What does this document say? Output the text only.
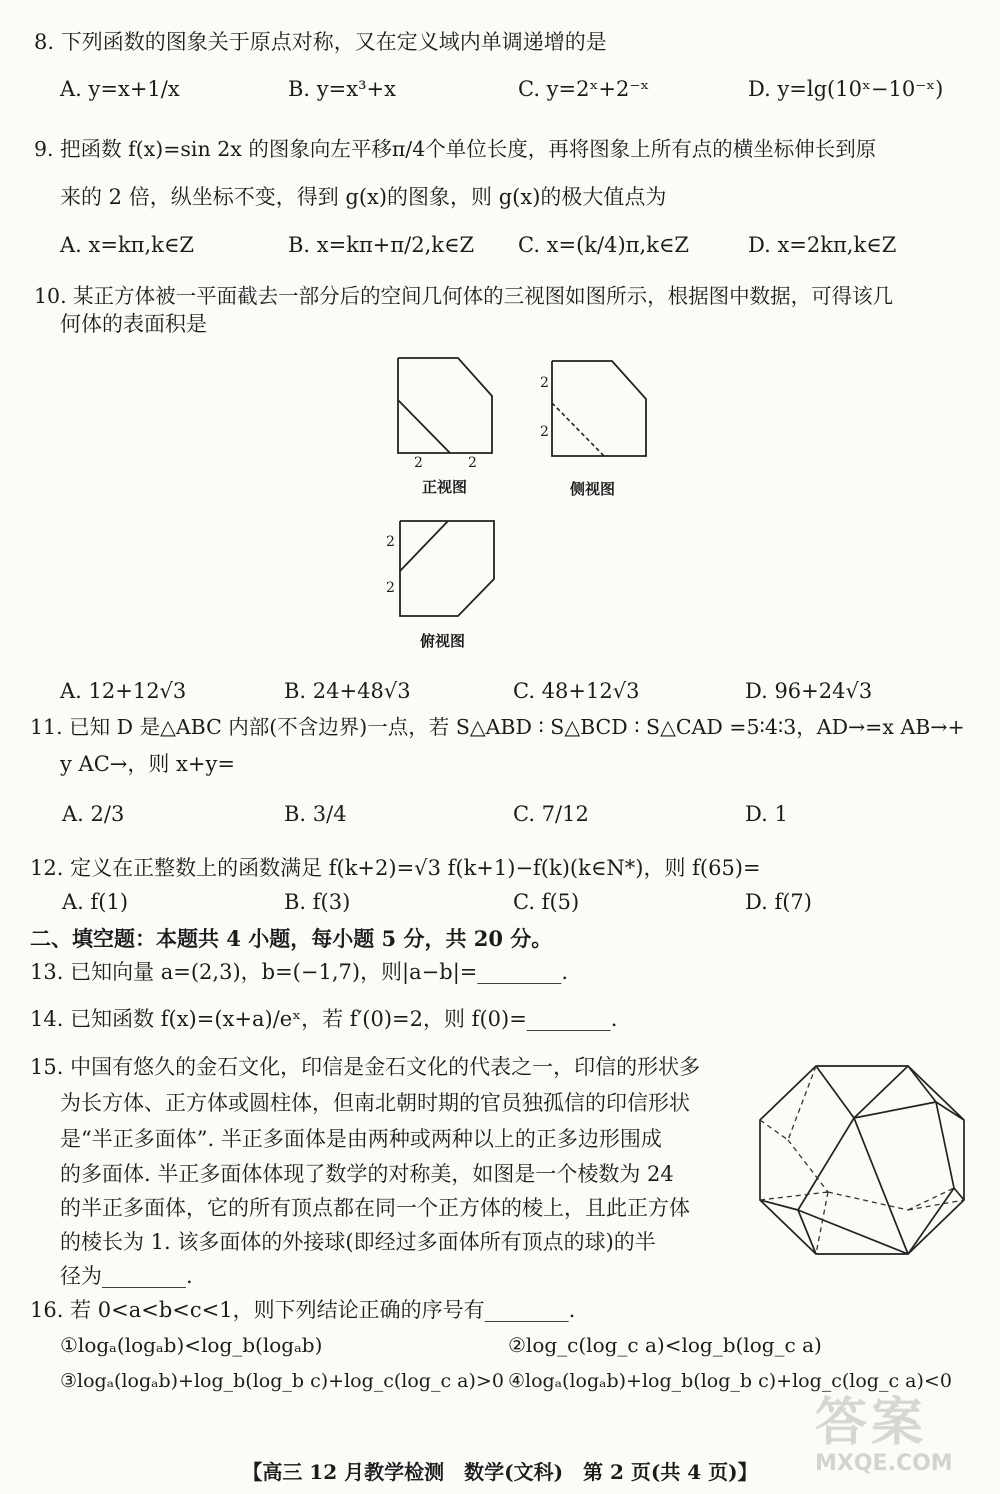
8. 下列函数的图象关于原点对称，又在定义域内单调递增的是
A. y=x+1/x	B. y=x³+x	C. y=2ˣ+2⁻ˣ	D. y=lg(10ˣ−10⁻ˣ)
9. 把函数 f(x)=sin 2x 的图象向左平移π/4个单位长度，再将图象上所有点的横坐标伸长到原
来的 2 倍，纵坐标不变，得到 g(x)的图象，则 g(x)的极大值点为
A. x=kπ,k∈Z	B. x=kπ+π/2,k∈Z C. x=(k/4)π,k∈Z	D. x=2kπ,k∈Z
10. 某正方体被一平面截去一部分后的空间几何体的三视图如图所示，根据图中数据，可得该几
何体的表面积是
2	2
正视图
2
2
侧视图
2
2
俯视图
A. 12+12√3	B. 24+48√3	C. 48+12√3	D. 96+24√3
11. 已知 D 是△ABC 内部(不含边界)一点，若 S△ABD ∶ S△BCD ∶ S△CAD =5∶4∶3，AD→=x AB→+
y AC→，则 x+y=
A. 2/3	B. 3/4	C. 7/12	D. 1
12. 定义在正整数上的函数满足 f(k+2)=√3 f(k+1)−f(k)(k∈N*)，则 f(65)=
A. f(1)	B. f(3)	C. f(5)	D. f(7)
二、填空题：本题共 4 小题，每小题 5 分，共 20 分。
13. 已知向量 a=(2,3)，b=(−1,7)，则|a−b|=________.
14. 已知函数 f(x)=(x+a)/eˣ，若 f′(0)=2，则 f(0)=________.
15. 中国有悠久的金石文化，印信是金石文化的代表之一，印信的形状多
为长方体、正方体或圆柱体，但南北朝时期的官员独孤信的印信形状
是“半正多面体”. 半正多面体是由两种或两种以上的正多边形围成
的多面体. 半正多面体体现了数学的对称美，如图是一个棱数为 24
的半正多面体，它的所有顶点都在同一个正方体的棱上，且此正方体
的棱长为 1. 该多面体的外接球(即经过多面体所有顶点的球)的半
径为________.
16. 若 0<a<b<c<1，则下列结论正确的序号有________.
①logₐ(logₐb)<log_b(logₐb)	②log_c(log_c a)<log_b(log_c a)
③logₐ(logₐb)+log_b(log_b c)+log_c(log_c a)>0 ④logₐ(logₐb)+log_b(log_b c)+log_c(log_c a)<0
【高三 12 月教学检测　数学(文科)　第 2 页(共 4 页)】
答案
MXQE.COM
